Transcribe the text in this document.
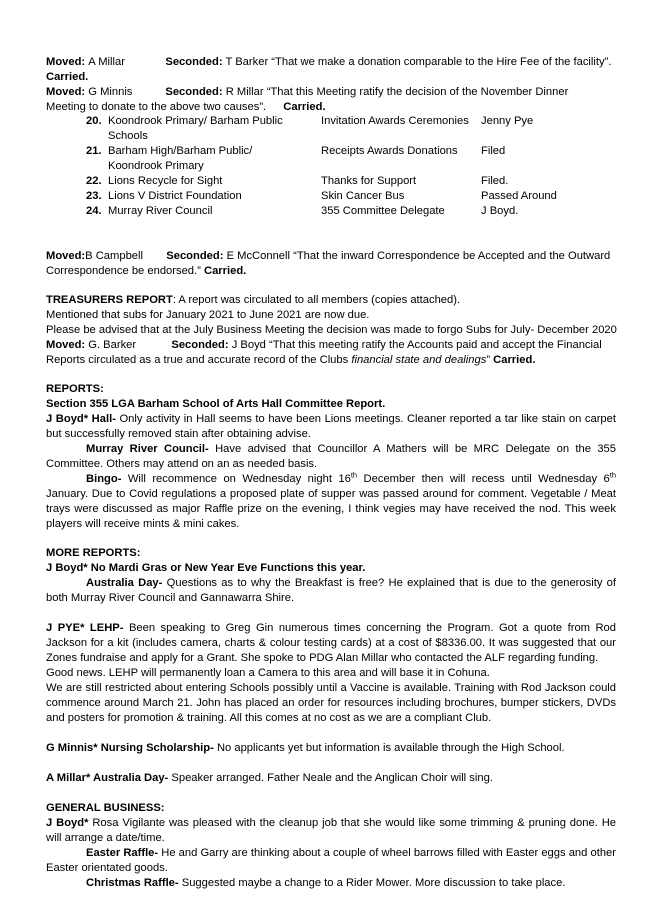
Moved: A Millar	Seconded: T Barker “That we make a donation comparable to the Hire Fee of the facility”.
Carried.
Moved: G Minnis	Seconded: R Millar “That this Meeting ratify the decision of the November Dinner
Meeting to donate to the above two causes”. Carried.
20.	Koondrook Primary/ Barham Public
Schools	Invitation Awards Ceremonies	Jenny Pye
21.	Barham High/Barham Public/
Koondrook Primary	Receipts Awards Donations	Filed
22.	Lions Recycle for Sight	Thanks for Support	Filed.
23.	Lions V District Foundation	Skin Cancer Bus	Passed Around
24.	Murray River Council	355 Committee Delegate	J Boyd.
Moved:B Campbell Seconded: E McConnell “That the inward Correspondence be Accepted and the Outward
Correspondence be endorsed.” Carried.
TREASURERS REPORT: A report was circulated to all members (copies attached).
Mentioned that subs for January 2021 to June 2021 are now due.
Please be advised that at the July Business Meeting the decision was made to forgo Subs for July- December 2020
Moved: G. Barker	Seconded: J Boyd “That this meeting ratify the Accounts paid and accept the Financial
Reports circulated as a true and accurate record of the Clubs financial state and dealings” Carried.
REPORTS:
Section 355 LGA Barham School of Arts Hall Committee Report.
J Boyd* Hall- Only activity in Hall seems to have been Lions meetings. Cleaner reported a tar like stain on carpet but successfully removed stain after obtaining advise.
Murray River Council- Have advised that Councillor A Mathers will be MRC Delegate on the 355 Committee. Others may attend on an as needed basis.
Bingo- Will recommence on Wednesday night 16th December then will recess until Wednesday 6th January. Due to Covid regulations a proposed plate of supper was passed around for comment. Vegetable / Meat trays were discussed as major Raffle prize on the evening, I think vegies may have received the nod. This week players will receive mints & mini cakes.
MORE REPORTS:
J Boyd* No Mardi Gras or New Year Eve Functions this year.
Australia Day- Questions as to why the Breakfast is free? He explained that is due to the generosity of both Murray River Council and Gannawarra Shire.
J PYE* LEHP- Been speaking to Greg Gin numerous times concerning the Program. Got a quote from Rod Jackson for a kit (includes camera, charts & colour testing cards) at a cost of $8336.00. It was suggested that our Zones fundraise and apply for a Grant. She spoke to PDG Alan Millar who contacted the ALF regarding funding.
Good news. LEHP will permanently loan a Camera to this area and will base it in Cohuna.
We are still restricted about entering Schools possibly until a Vaccine is available. Training with Rod Jackson could commence around March 21. John has placed an order for resources including brochures, bumper stickers, DVDs and posters for promotion & training. All this comes at no cost as we are a compliant Club.
G Minnis* Nursing Scholarship- No applicants yet but information is available through the High School.
A Millar* Australia Day- Speaker arranged. Father Neale and the Anglican Choir will sing.
GENERAL BUSINESS:
J Boyd* Rosa Vigilante was pleased with the cleanup job that she would like some trimming & pruning done. He will arrange a date/time.
Easter Raffle- He and Garry are thinking about a couple of wheel barrows filled with Easter eggs and other Easter orientated goods.
Christmas Raffle- Suggested maybe a change to a Rider Mower. More discussion to take place.
